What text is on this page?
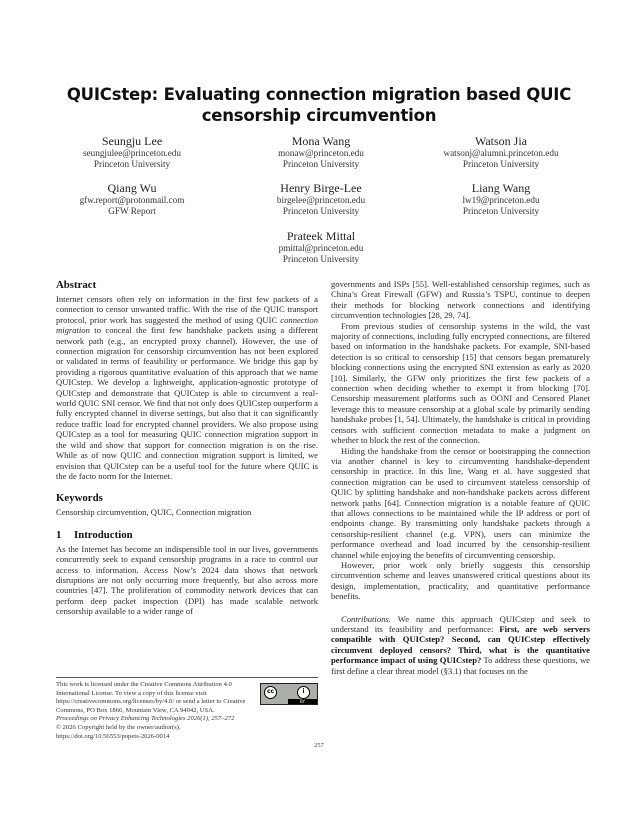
QUICstep: Evaluating connection migration based QUIC censorship circumvention
Seungju Lee
seungjulee@princeton.edu
Princeton University
Mona Wang
monaw@princeton.edu
Princeton University
Watson Jia
watsonj@alumni.princeton.edu
Princeton University
Qiang Wu
gfw.report@protonmail.com
GFW Report
Henry Birge-Lee
birgelee@princeton.edu
Princeton University
Liang Wang
lw19@princeton.edu
Princeton University
Prateek Mittal
pmittal@princeton.edu
Princeton University
Abstract

Internet censors often rely on information in the first few packets of a connection to censor unwanted traffic. With the rise of the QUIC transport protocol, prior work has suggested the method of using QUIC connection migration to conceal the first few handshake packets using a different network path (e.g., an encrypted proxy channel). However, the use of connection migration for censorship circumvention has not been explored or validated in terms of feasibility or performance. We bridge this gap by providing a rigorous quantitative evaluation of this approach that we name QUICstep. We develop a lightweight, application-agnostic prototype of QUICstep and demonstrate that QUICstep is able to circumvent a real-world QUIC SNI censor. We find that not only does QUICstep outperform a fully encrypted channel in diverse settings, but also that it can significantly reduce traffic load for encrypted channel providers. We also propose using QUICstep as a tool for measuring QUIC connection migration support in the wild and show that support for connection migration is on the rise. While as of now QUIC and connection migration support is limited, we envision that QUICstep can be a useful tool for the future where QUIC is the de facto norm for the Internet.

Keywords

Censorship circumvention, QUIC, Connection migration

1 Introduction

As the Internet has become an indispensible tool in our lives, governments concurrently seek to expand censorship programs in a race to control our access to information. Access Now’s 2024 data shows that network disruptions are not only occurring more frequently, but also across more countries [47]. The proliferation of commodity network devices that can perform deep packet inspection (DPI) has made scalable network censorship available to a wider range of

cc	i
BY

This work is licensed under the Creative Commons Attribution 4.0 International License. To view a copy of this license visit https://creativecommons.org/licenses/by/4.0/ or send a letter to Creative Commons, PO Box 1866, Mountain View, CA 94042, USA.

Proceedings on Privacy Enhancing Technologies 2026(1), 257–272

© 2026 Copyright held by the owner/author(s).

https://doi.org/10.56553/popets-2026-0014

governments and ISPs [55]. Well-established censorship regimes, such as China’s Great Firewall (GFW) and Russia’s TSPU, continue to deepen their methods for blocking network connections and identifying circumvention technologies [28, 29, 74].

From previous studies of censorship systems in the wild, the vast majority of connections, including fully encrypted connections, are filtered based on information in the handshake packets. For example, SNI-based detection is so critical to censorship [15] that censors began prematurely blocking connections using the encrypted SNI extension as early as 2020 [10]. Similarly, the GFW only prioritizes the first few packets of a connection when deciding whether to exempt it from blocking [70]. Censorship measurement platforms such as OONI and Censored Planet leverage this to measure censorship at a global scale by primarily sending handshake probes [1, 54]. Ultimately, the handshake is critical in providing censors with sufficient connection metadata to make a judgment on whether to block the rest of the connection.

Hiding the handshake from the censor or bootstrapping the connection via another channel is key to circumventing handshake-dependent censorship in practice. In this line, Wang et al. have suggested that connection migration can be used to circumvent stateless censorship of QUIC by splitting handshake and non-handshake packets across different network paths [64]. Connection migration is a notable feature of QUIC that allows connections to be maintained while the IP address or port of endpoints change. By transmitting only handshake packets through a censorship-resilient channel (e.g. VPN), users can minimize the performance overhead and load incurred by the censorship-resilient channel while enjoying the benefits of circumventing censorship.

However, prior work only briefly suggests this censorship circumvention scheme and leaves unanswered critical questions about its design, implementation, practicality, and quantitative performance benefits.

Contributions. We name this approach QUICstep and seek to understand its feasibility and performance: First, are web servers compatible with QUICstep? Second, can QUICstep effectively circumvent deployed censors? Third, what is the quantitative performance impact of using QUICstep? To address these questions, we first define a clear threat model (§3.1) that focuses on the

257
